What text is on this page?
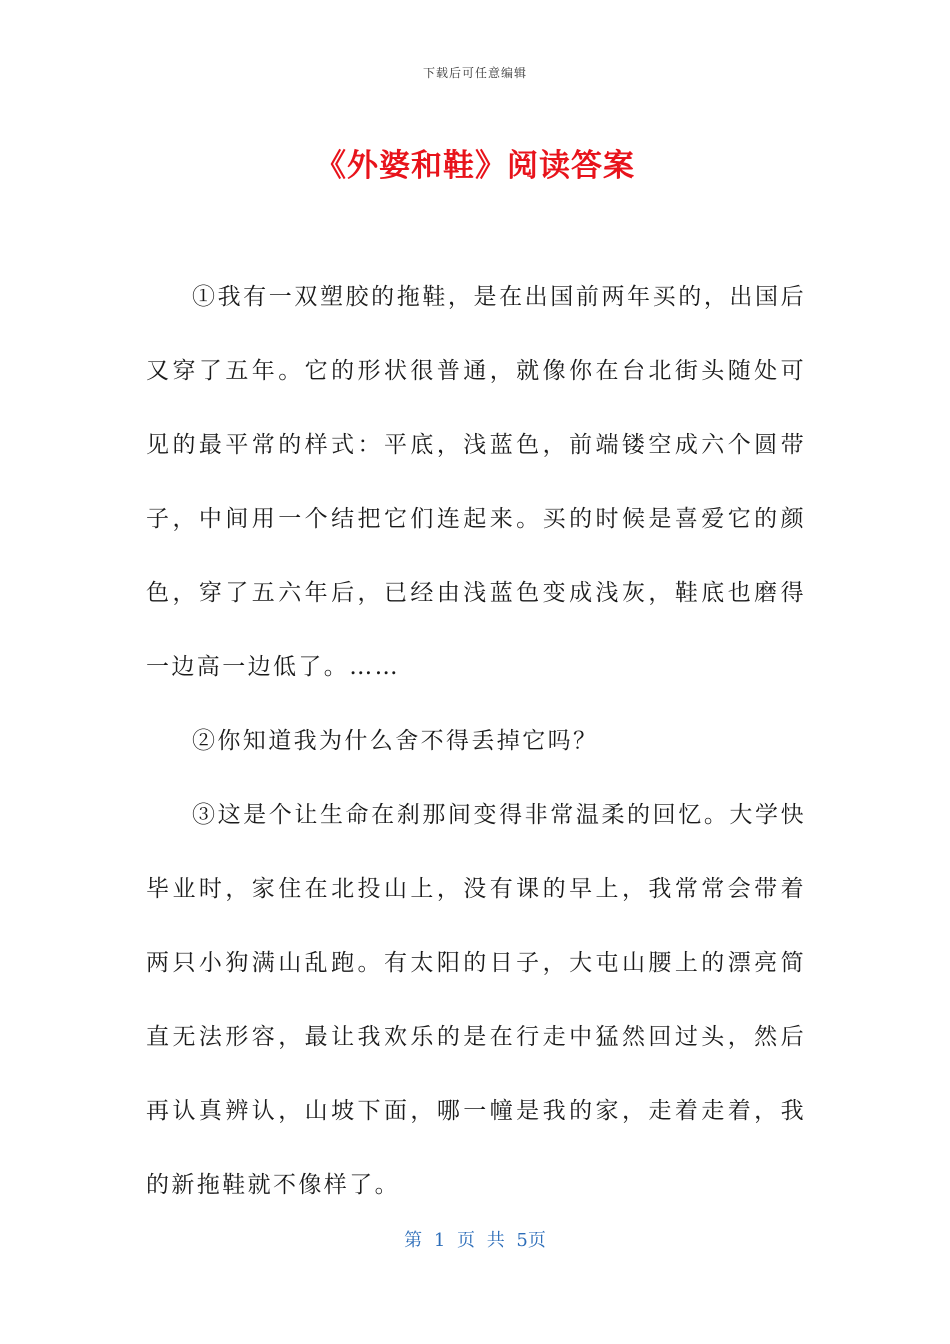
下载后可任意编辑
《外婆和鞋》阅读答案

①我有一双塑胶的拖鞋，是在出国前两年买的，出国后又穿了五年。它的形状很普通，就像你在台北街头随处可见的最平常的样式：平底，浅蓝色，前端镂空成六个圆带子，中间用一个结把它们连起来。买的时候是喜爱它的颜色，穿了五六年后，已经由浅蓝色变成浅灰，鞋底也磨得一边高一边低了。……

②你知道我为什么舍不得丢掉它吗？

③这是个让生命在刹那间变得非常温柔的回忆。大学快毕业时，家住在北投山上，没有课的早上，我常常会带着两只小狗满山乱跑。有太阳的日子，大屯山腰上的漂亮简直无法形容，最让我欢乐的是在行走中猛然回过头，然后再认真辨认，山坡下面，哪一幢是我的家，走着走着，我的新拖鞋就不像样了。

第 1 页 共 5页
